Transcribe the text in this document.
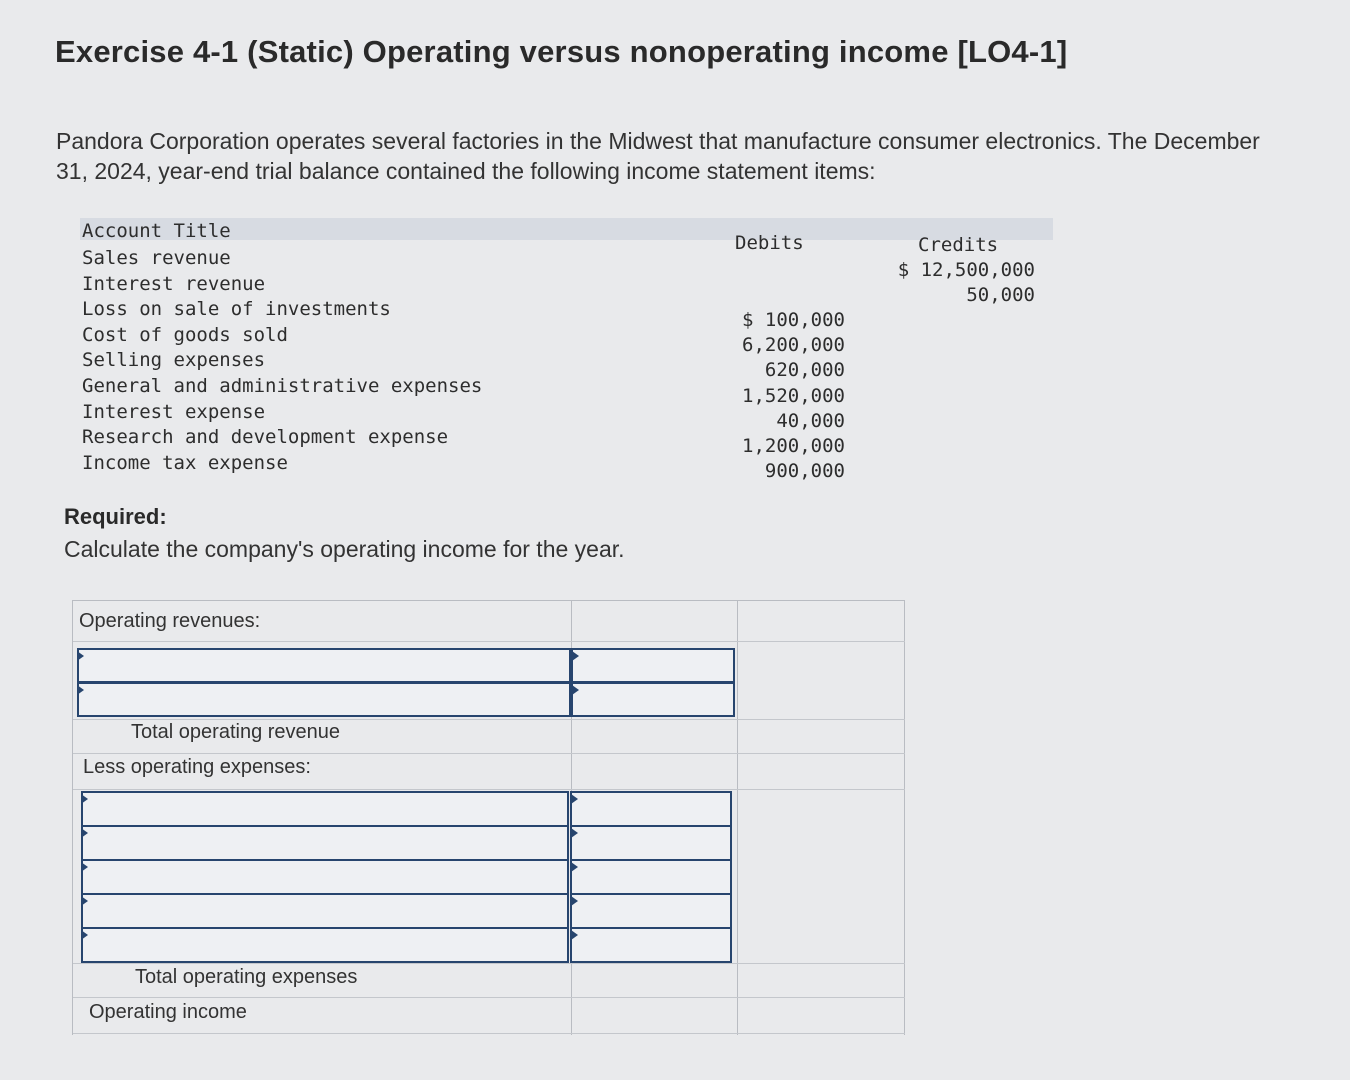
Exercise 4-1 (Static) Operating versus nonoperating income [LO4-1]
Pandora Corporation operates several factories in the Midwest that manufacture consumer electronics. The December 31, 2024, year-end trial balance contained the following income statement items:
Account Title
Debits	Credits
Sales revenue
Interest revenue
Loss on sale of investments
Cost of goods sold
Selling expenses
General and administrative expenses
Interest expense
Research and development expense
Income tax expense
$ 12,500,000
50,000
$ 100,000
6,200,000
620,000
1,520,000
40,000
1,200,000
900,000
Required:
Calculate the company's operating income for the year.
Operating revenues:
Total operating revenue
Less operating expenses:
Total operating expenses
Operating income
